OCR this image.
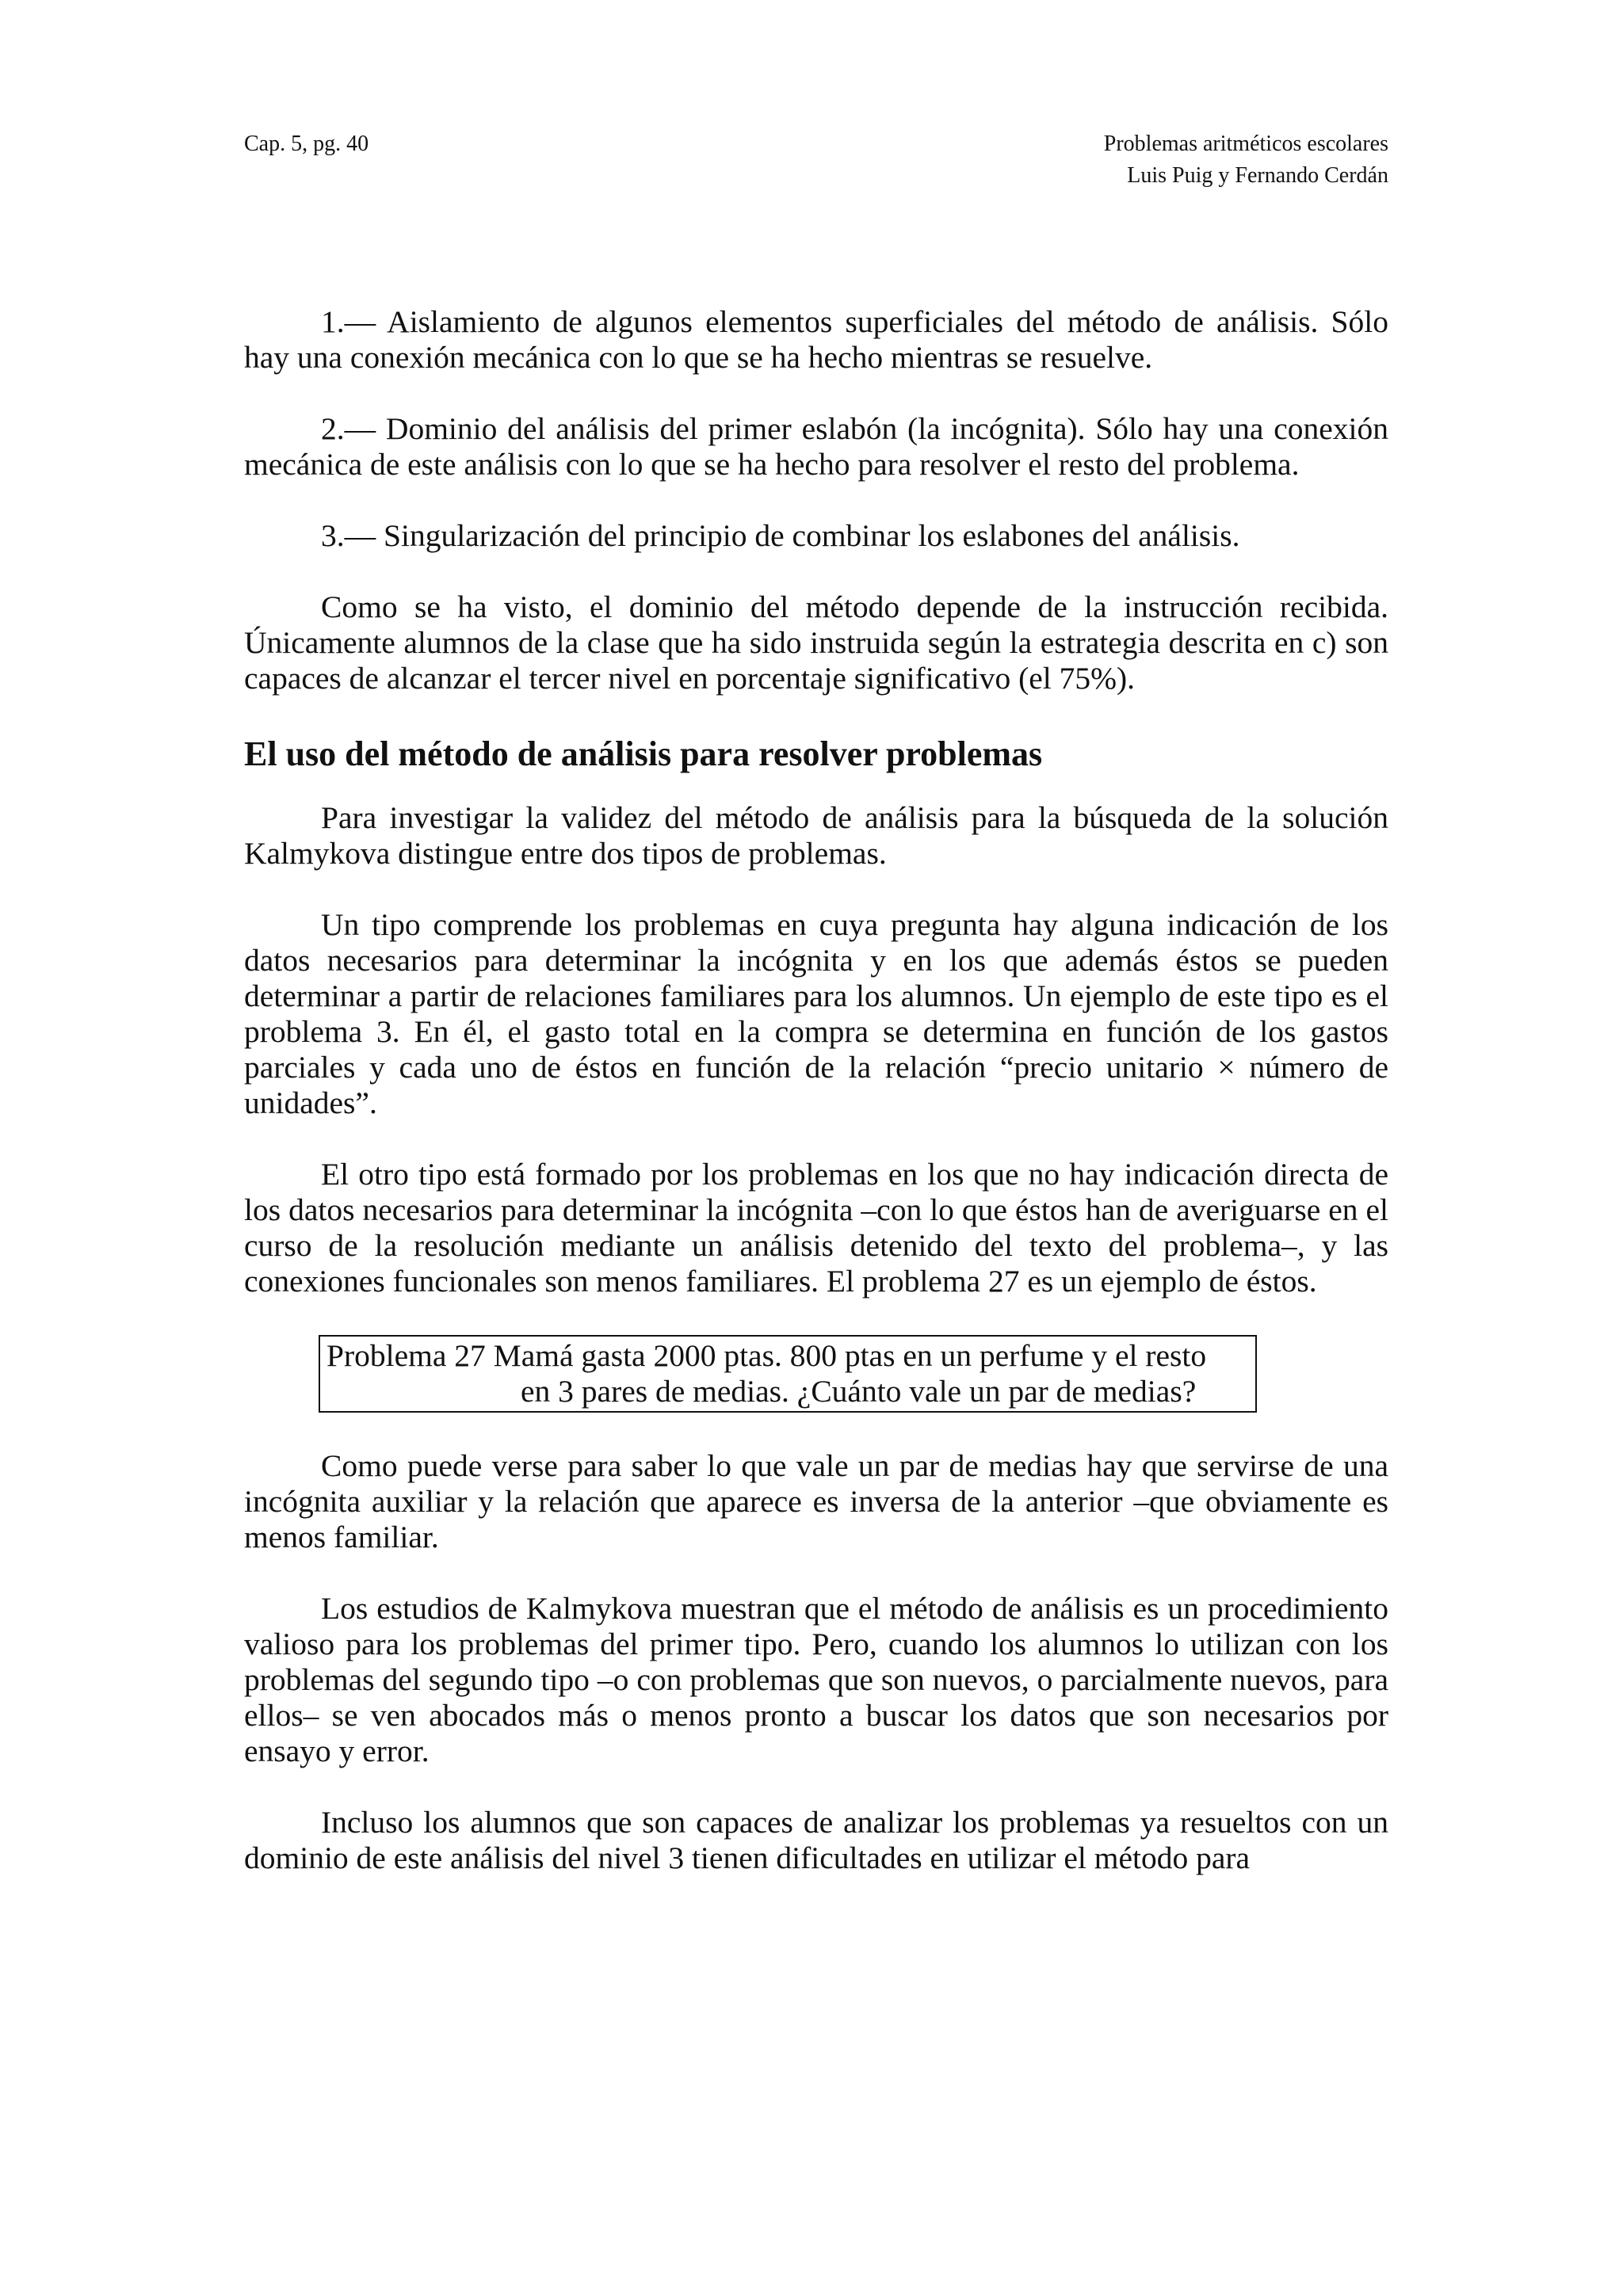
Cap. 5, pg. 40	Problemas aritméticos escolares
Luis Puig y Fernando Cerdán

1.— Aislamiento de algunos elementos superficiales del método de análisis. Sólo hay una conexión mecánica con lo que se ha hecho mientras se resuelve.

2.— Dominio del análisis del primer eslabón (la incógnita). Sólo hay una conexión mecánica de este análisis con lo que se ha hecho para resolver el resto del problema.

3.— Singularización del principio de combinar los eslabones del análisis.

Como se ha visto, el dominio del método depende de la instrucción recibida. Únicamente alumnos de la clase que ha sido instruida según la estrategia descrita en c) son capaces de alcanzar el tercer nivel en porcentaje significativo (el 75%).

El uso del método de análisis para resolver problemas

Para investigar la validez del método de análisis para la búsqueda de la solución Kalmykova distingue entre dos tipos de problemas.

Un tipo comprende los problemas en cuya pregunta hay alguna indicación de los datos necesarios para determinar la incógnita y en los que además éstos se pueden determinar a partir de relaciones familiares para los alumnos. Un ejemplo de este tipo es el problema 3. En él, el gasto total en la compra se determina en función de los gastos parciales y cada uno de éstos en función de la relación “precio unitario × número de unidades”.

El otro tipo está formado por los problemas en los que no hay indicación directa de los datos necesarios para determinar la incógnita –con lo que éstos han de averiguarse en el curso de la resolución mediante un análisis detenido del texto del problema–, y las conexiones funcionales son menos familiares. El problema 27 es un ejemplo de éstos.

Problema 27 Mamá gasta 2000 ptas. 800 ptas en un perfume y el resto
en 3 pares de medias. ¿Cuánto vale un par de medias?

Como puede verse para saber lo que vale un par de medias hay que servirse de una incógnita auxiliar y la relación que aparece es inversa de la anterior –que obviamente es menos familiar.

Los estudios de Kalmykova muestran que el método de análisis es un procedimiento valioso para los problemas del primer tipo. Pero, cuando los alumnos lo utilizan con los problemas del segundo tipo –o con problemas que son nuevos, o parcialmente nuevos, para ellos– se ven abocados más o menos pronto a buscar los datos que son necesarios por ensayo y error.

Incluso los alumnos que son capaces de analizar los problemas ya resueltos con un dominio de este análisis del nivel 3 tienen dificultades en utilizar el método para
